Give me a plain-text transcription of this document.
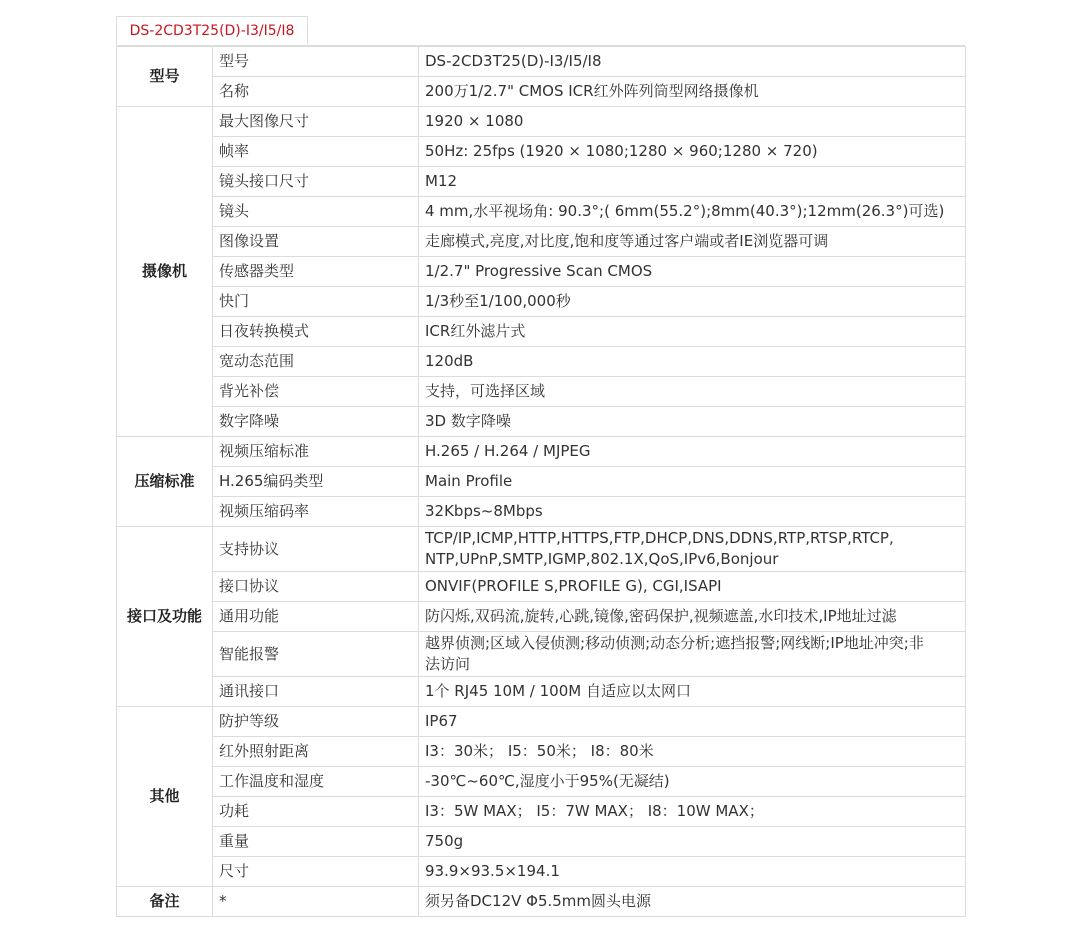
DS-2CD3T25(D)-I3/I5/I8
型号	型号	DS-2CD3T25(D)-I3/I5/I8
	名称	200万1/2.7" CMOS ICR红外阵列筒型网络摄像机
摄像机	最大图像尺寸	1920 × 1080
	帧率	50Hz: 25fps (1920 × 1080;1280 × 960;1280 × 720)
	镜头接口尺寸	M12
	镜头	4 mm,水平视场角: 90.3°;( 6mm(55.2°);8mm(40.3°);12mm(26.3°)可选)
	图像设置	走廊模式,亮度,对比度,饱和度等通过客户端或者IE浏览器可调
	传感器类型	1/2.7" Progressive Scan CMOS
	快门	1/3秒至1/100,000秒
	日夜转换模式	ICR红外滤片式
	宽动态范围	120dB
	背光补偿	支持，可选择区域
	数字降噪	3D 数字降噪
压缩标准	视频压缩标准	H.265 / H.264 / MJPEG
	H.265编码类型	Main Profile
	视频压缩码率	32Kbps~8Mbps
接口及功能	支持协议	TCP/IP,ICMP,HTTP,HTTPS,FTP,DHCP,DNS,DDNS,RTP,RTSP,RTCP,
NTP,UPnP,SMTP,IGMP,802.1X,QoS,IPv6,Bonjour
	接口协议	ONVIF(PROFILE S,PROFILE G), CGI,ISAPI
	通用功能	防闪烁,双码流,旋转,心跳,镜像,密码保护,视频遮盖,水印技术,IP地址过滤
	智能报警	越界侦测;区域入侵侦测;移动侦测;动态分析;遮挡报警;网线断;IP地址冲突;非
法访问
	通讯接口	1个 RJ45 10M / 100M 自适应以太网口
其他	防护等级	IP67
	红外照射距离	I3：30米； I5：50米； I8：80米
	工作温度和湿度	-30℃~60℃,湿度小于95%(无凝结)
	功耗	I3：5W MAX； I5：7W MAX； I8：10W MAX；
	重量	750g
	尺寸	93.9×93.5×194.1
备注	*	须另备DC12V Φ5.5mm圆头电源
